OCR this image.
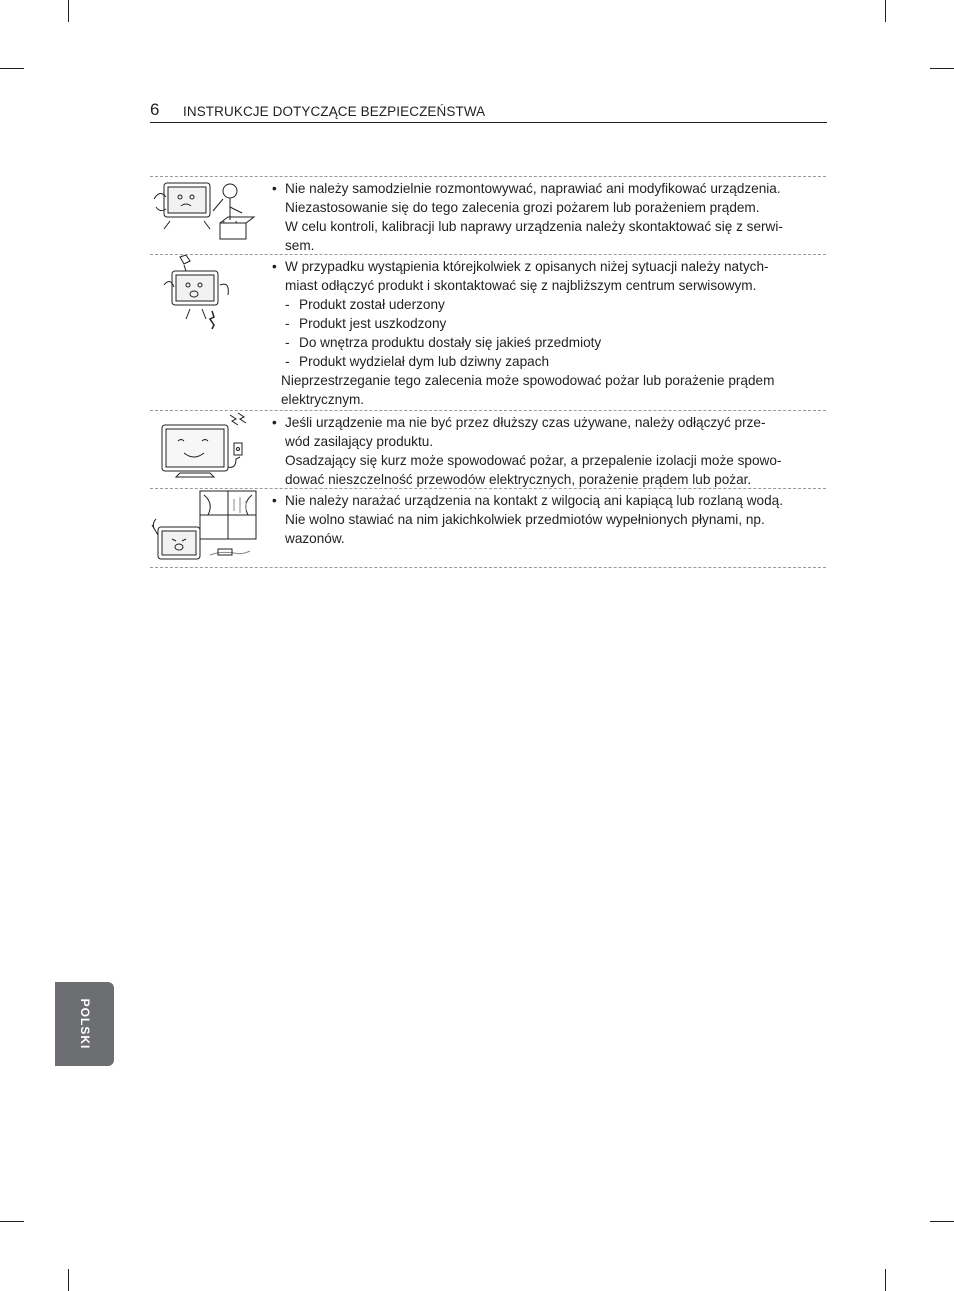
6 INSTRUKCJE DOTYCZĄCE BEZPIECZEŃSTWA

• Nie należy samodzielnie rozmontowywać, naprawiać ani modyfikować urządzenia.

Niezastosowanie się do tego zalecenia grozi pożarem lub porażeniem prądem.

W celu kontroli, kalibracji lub naprawy urządzenia należy skontaktować się z serwi-

sem.

• W przypadku wystąpienia którejkolwiek z opisanych niżej sytuacji należy natych-

miast odłączyć produkt i skontaktować się z najbliższym centrum serwisowym.

- Produkt został uderzony

- Produkt jest uszkodzony

- Do wnętrza produktu dostały się jakieś przedmioty

- Produkt wydzielał dym lub dziwny zapach

Nieprzestrzeganie tego zalecenia może spowodować pożar lub porażenie prądem

elektrycznym.

• Jeśli urządzenie ma nie być przez dłuższy czas używane, należy odłączyć prze-

wód zasilający produktu.

Osadzający się kurz może spowodować pożar, a przepalenie izolacji może spowo-

dować nieszczelność przewodów elektrycznych, porażenie prądem lub pożar.

• Nie należy narażać urządzenia na kontakt z wilgocią ani kapiącą lub rozlaną wodą.

Nie wolno stawiać na nim jakichkolwiek przedmiotów wypełnionych płynami, np.

wazonów.

POLSKI
